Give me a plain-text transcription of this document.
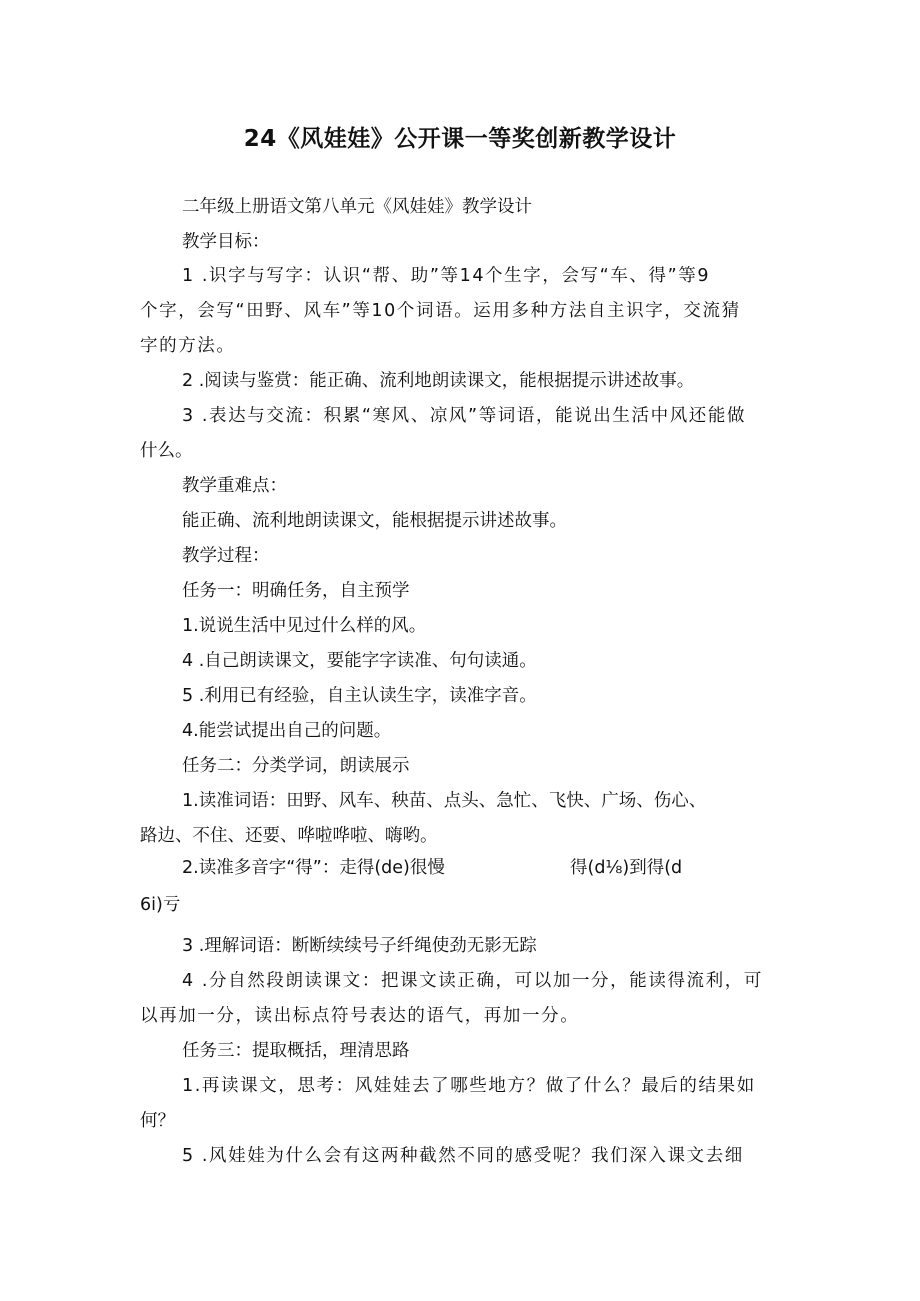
24《风娃娃》公开课一等奖创新教学设计

二年级上册语文第八单元《风娃娃》教学设计

教学目标：

1 .识字与写字：认识“帮、助”等14个生字，会写“车、得”等9

个字，会写“田野、风车”等10个词语。运用多种方法自主识字，交流猜

字的方法。

2 .阅读与鉴赏：能正确、流利地朗读课文，能根据提示讲述故事。

3 .表达与交流：积累“寒风、凉风”等词语，能说出生活中风还能做

什么。

教学重难点：

能正确、流利地朗读课文，能根据提示讲述故事。

教学过程：

任务一：明确任务，自主预学

1.说说生活中见过什么样的风。

4 .自己朗读课文，要能字字读准、句句读通。

5 .利用已有经验，自主认读生字，读准字音。

4.能尝试提出自己的问题。

任务二：分类学词，朗读展示

1.读准词语：田野、风车、秧苗、点头、急忙、飞快、广场、伤心、

路边、不住、还要、哗啦哗啦、嗨哟。

2.读准多音字“得”：走得(de)很慢	得(d⅛)到得(d

6i)亏

3 .理解词语：断断续续号子纤绳使劲无影无踪

4 .分自然段朗读课文：把课文读正确，可以加一分，能读得流利，可

以再加一分，读出标点符号表达的语气，再加一分。

任务三：提取概括，理清思路

1.再读课文，思考：风娃娃去了哪些地方？做了什么？最后的结果如

何？

5 .风娃娃为什么会有这两种截然不同的感受呢？我们深入课文去细
